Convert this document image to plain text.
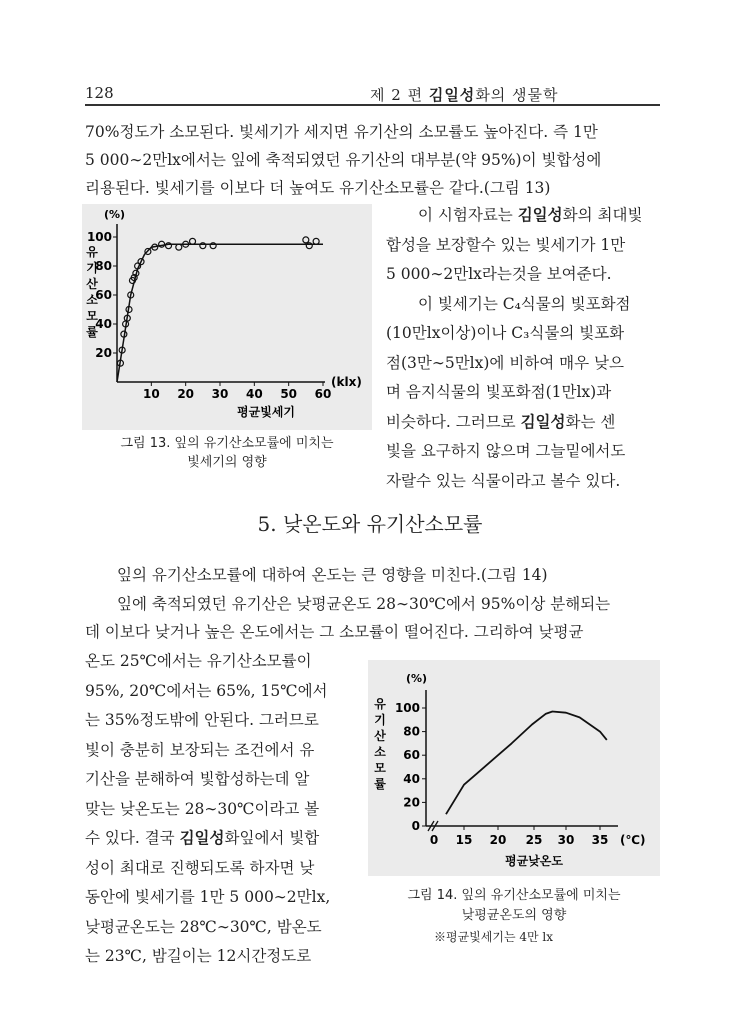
128	제 2 편 김일성화의 생물학
70%정도가 소모된다. 빛세기가 세지면 유기산의 소모률도 높아진다. 즉 1만
5 000∼2만lx에서는 잎에 축적되였던 유기산의 대부분(약 95%)이 빛합성에
리용된다. 빛세기를 이보다 더 높여도 유기산소모률은 같다.(그림 13)
(%)
유
기
산
소
모
률
20
40
60
80
100
10 20 30 40 50 60
(klx)
평균빛세기
그림 13. 잎의 유기산소모률에 미치는
빛세기의 영향
이 시험자료는 김일성화의 최대빛
합성을 보장할수 있는 빛세기가 1만
5 000∼2만lx라는것을 보여준다.
이 빛세기는 C₄식물의 빛포화점
(10만lx이상)이나 C₃식물의 빛포화
점(3만∼5만lx)에 비하여 매우 낮으
며 음지식물의 빛포화점(1만lx)과
비슷하다. 그러므로 김일성화는 센
빛을 요구하지 않으며 그늘밑에서도
자랄수 있는 식물이라고 볼수 있다.
5. 낮온도와 유기산소모률
잎의 유기산소모률에 대하여 온도는 큰 영향을 미친다.(그림 14)
잎에 축적되였던 유기산은 낮평균온도 28∼30℃에서 95%이상 분해되는
데 이보다 낮거나 높은 온도에서는 그 소모률이 떨어진다. 그리하여 낮평균
온도 25℃에서는 유기산소모률이
95%, 20℃에서는 65%, 15℃에서
는 35%정도밖에 안된다. 그러므로
빛이 충분히 보장되는 조건에서 유
기산을 분해하여 빛합성하는데 알
맞는 낮온도는 28∼30℃이라고 볼
수 있다. 결국 김일성화잎에서 빛합
성이 최대로 진행되도록 하자면 낮
동안에 빛세기를 1만 5 000∼2만lx,
낮평균온도는 28℃∼30℃, 밤온도
는 23℃, 밤길이는 12시간정도로
(%)
유
기
산
소
모
률
0
20
40
60
80
100
0 15 20 25 30 35 (℃)
평균낮온도
그림 14. 잎의 유기산소모률에 미치는
낮평균온도의 영향
※평균빛세기는 4만 lx
